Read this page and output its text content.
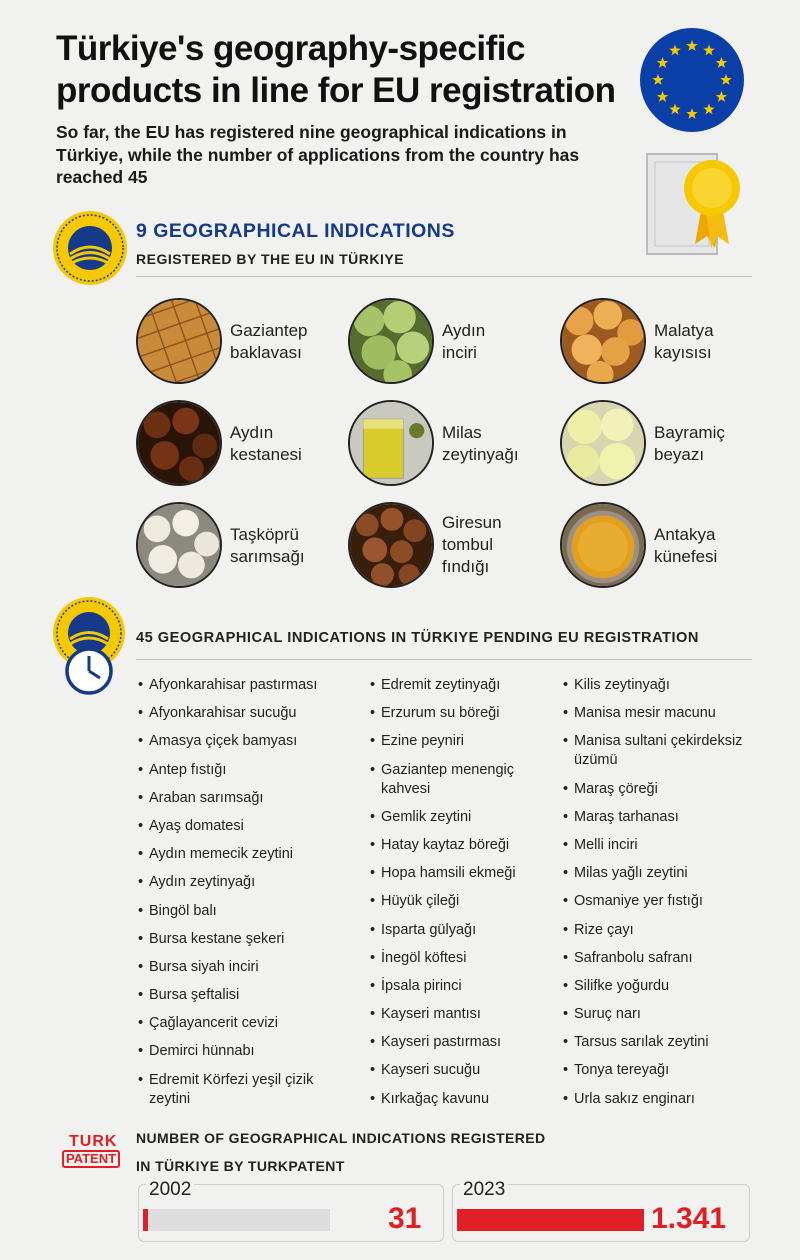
Türkiye's geography-specific products in line for EU registration
So far, the EU has registered nine geographical indications in Türkiye, while the number of applications from the country has reached 45
9 GEOGRAPHICAL INDICATIONS
REGISTERED BY THE EU IN TÜRKIYE
Gaziantep
baklavası
Aydın
inciri
Malatya
kayısısı
Aydın
kestanesi
Milas
zeytinyağı
Bayramiç
beyazı
Taşköprü
sarımsağı
Giresun
tombul
fındığı
Antakya
künefesi
45 GEOGRAPHICAL INDICATIONS IN TÜRKIYE PENDING EU REGISTRATION
• Afyonkarahisar pastırması
• Afyonkarahisar sucuğu
• Amasya çiçek bamyası
• Antep fıstığı
• Araban sarımsağı
• Ayaş domatesi
• Aydın memecik zeytini
• Aydın zeytinyağı
• Bingöl balı
• Bursa kestane şekeri
• Bursa siyah inciri
• Bursa şeftalisi
• Çağlayancerit cevizi
• Demirci hünnabı
• Edremit Körfezi yeşil çizik zeytini
• Edremit zeytinyağı
• Erzurum su böreği
• Ezine peyniri
• Gaziantep menengiç kahvesi
• Gemlik zeytini
• Hatay kaytaz böreği
• Hopa hamsili ekmeği
• Hüyük çileği
• Isparta gülyağı
• İnegöl köftesi
• İpsala pirinci
• Kayseri mantısı
• Kayseri pastırması
• Kayseri sucuğu
• Kırkağaç kavunu
• Kilis zeytinyağı
• Manisa mesir macunu
• Manisa sultani çekirdeksiz üzümü
• Maraş çöreği
• Maraş tarhanası
• Melli inciri
• Milas yağlı zeytini
• Osmaniye yer fıstığı
• Rize çayı
• Safranbolu safranı
• Silifke yoğurdu
• Suruç narı
• Tarsus sarılak zeytini
• Tonya tereyağı
• Urla sakız enginarı
TURK
PATENT
NUMBER OF GEOGRAPHICAL INDICATIONS REGISTERED
IN TÜRKIYE BY TURKPATENT
2002
31
2023
1.341
